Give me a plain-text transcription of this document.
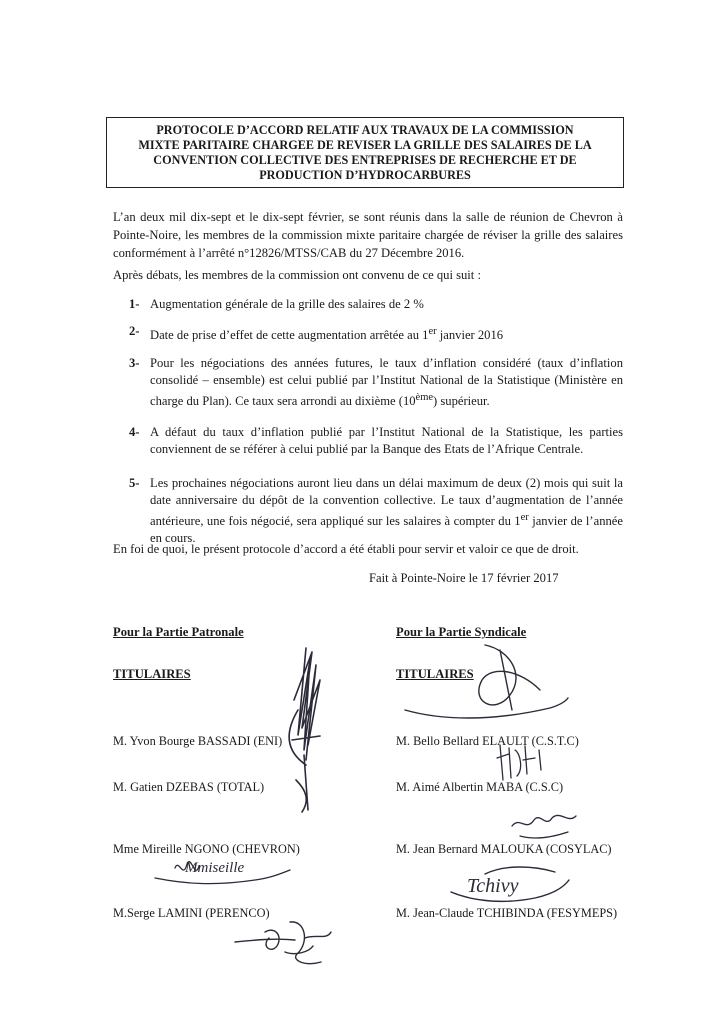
PROTOCOLE D’ACCORD RELATIF AUX TRAVAUX DE LA COMMISSION
MIXTE PARITAIRE CHARGEE DE REVISER LA GRILLE DES SALAIRES DE LA
CONVENTION COLLECTIVE DES ENTREPRISES DE RECHERCHE ET DE
PRODUCTION D’HYDROCARBURES
L’an deux mil dix-sept et le dix-sept février, se sont réunis dans la salle de réunion de Chevron à Pointe-Noire, les membres de la commission mixte paritaire chargée de réviser la grille des salaires conformément à l’arrêté n°12826/MTSS/CAB du 27 Décembre 2016.
Après débats, les membres de la commission ont convenu de ce qui suit :
1- Augmentation générale de la grille des salaires de 2 %
2- Date de prise d’effet de cette augmentation arrêtée au 1er janvier 2016
3- Pour les négociations des années futures, le taux d’inflation considéré (taux d’inflation consolidé – ensemble) est celui publié par l’Institut National de la Statistique (Ministère en charge du Plan). Ce taux sera arrondi au dixième (10ème) supérieur.
4- A défaut du taux d’inflation publié par l’Institut National de la Statistique, les parties conviennent de se référer à celui publié par la Banque des Etats de l’Afrique Centrale.
5- Les prochaines négociations auront lieu dans un délai maximum de deux (2) mois qui suit la date anniversaire du dépôt de la convention collective. Le taux d’augmentation de l’année antérieure, une fois négocié, sera appliqué sur les salaires à compter du 1er janvier de l’année en cours.
En foi de quoi, le présent protocole d’accord a été établi pour servir et valoir ce que de droit.
Fait à Pointe-Noire le 17 février 2017
Pour la Partie Patronale	Pour la Partie Syndicale
TITULAIRES	TITULAIRES
M. Yvon Bourge BASSADI (ENI)
M. Gatien DZEBAS (TOTAL)
Mme Mireille NGONO (CHEVRON)
M.Serge LAMINI (PERENCO)
M. Bello Bellard ELAULT (C.S.T.C)
M. Aimé Albertin MABA (C.S.C)
M. Jean Bernard MALOUKA (COSYLAC)
M. Jean-Claude TCHIBINDA (FESYMEPS)
Mmiseille
Tchivy
